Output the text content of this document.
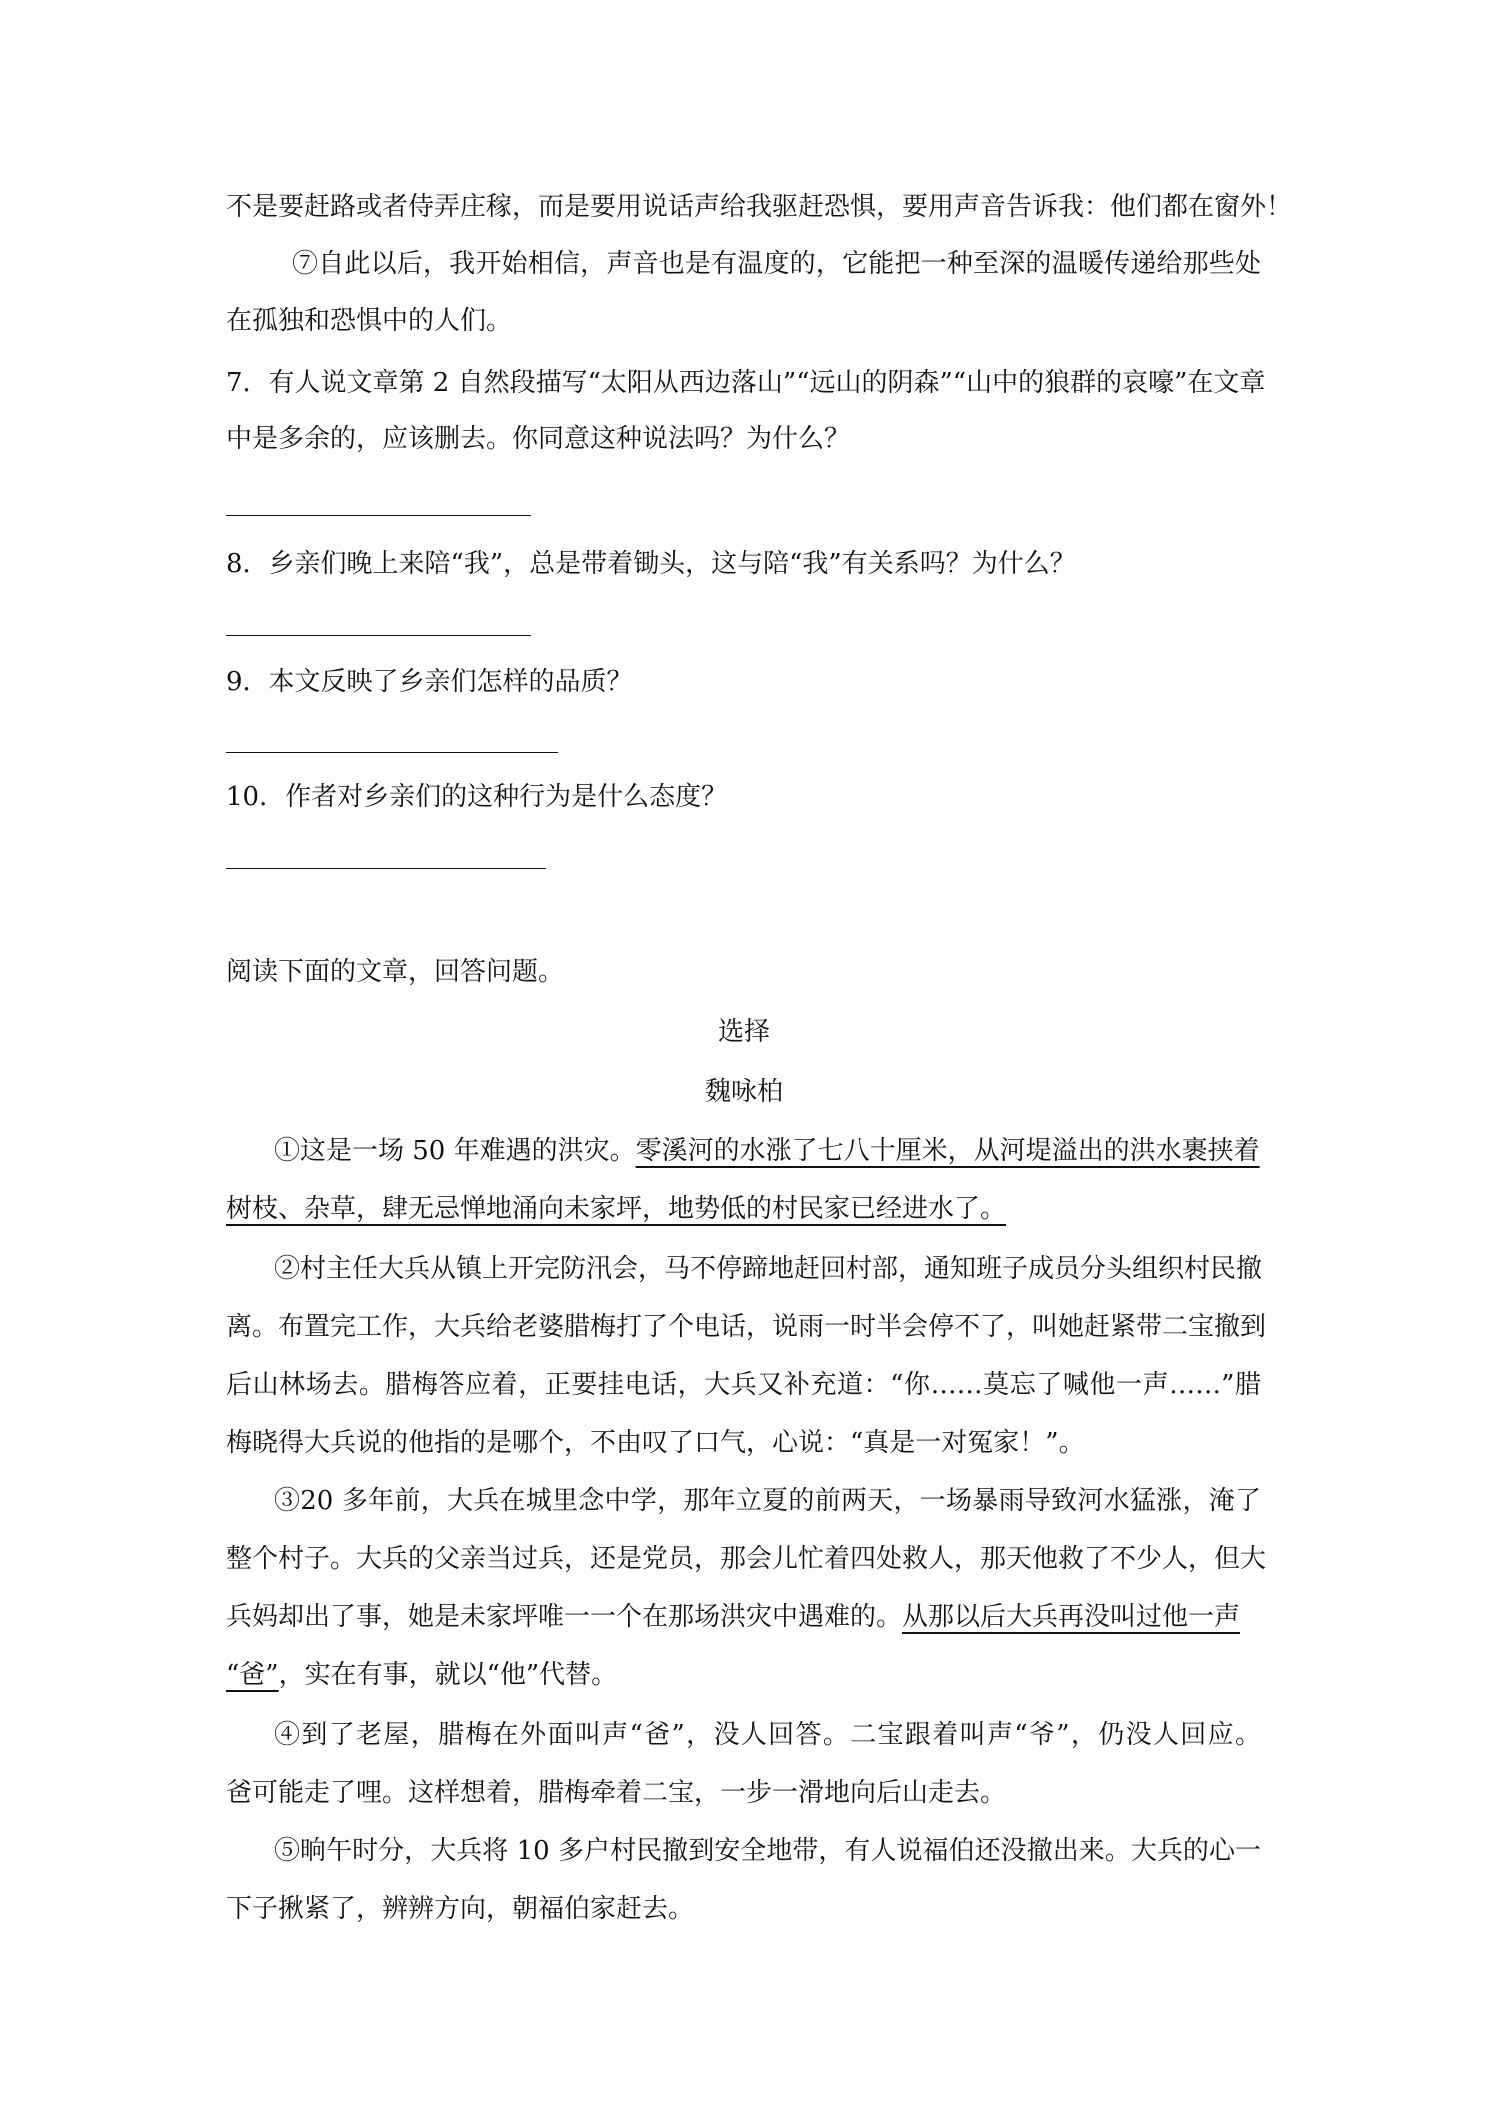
不是要赶路或者侍弄庄稼，而是要用说话声给我驱赶恐惧，要用声音告诉我：他们都在窗外！
⑦自此以后，我开始相信，声音也是有温度的，它能把一种至深的温暖传递给那些处
在孤独和恐惧中的人们。
7．有人说文章第 2 自然段描写“太阳从西边落山”“远山的阴森”“山中的狼群的哀嚎”在文章
中是多余的，应该删去。你同意这种说法吗？为什么？
8．乡亲们晚上来陪“我”，总是带着锄头，这与陪“我”有关系吗？为什么？
9．本文反映了乡亲们怎样的品质？
10．作者对乡亲们的这种行为是什么态度？
阅读下面的文章，回答问题。
选择
魏咏柏
①这是一场 50 年难遇的洪灾。零溪河的水涨了七八十厘米，从河堤溢出的洪水裹挟着
树枝、杂草，肆无忌惮地涌向未家坪，地势低的村民家已经进水了。
②村主任大兵从镇上开完防汛会，马不停蹄地赶回村部，通知班子成员分头组织村民撤
离。布置完工作，大兵给老婆腊梅打了个电话，说雨一时半会停不了，叫她赶紧带二宝撤到
后山林场去。腊梅答应着，正要挂电话，大兵又补充道：“你……莫忘了喊他一声……”腊
梅晓得大兵说的他指的是哪个，不由叹了口气，心说：“真是一对冤家！”。
③20 多年前，大兵在城里念中学，那年立夏的前两天，一场暴雨导致河水猛涨，淹了
整个村子。大兵的父亲当过兵，还是党员，那会儿忙着四处救人，那天他救了不少人，但大
兵妈却出了事，她是未家坪唯一一个在那场洪灾中遇难的。从那以后大兵再没叫过他一声
“爸”，实在有事，就以“他”代替。
④到了老屋，腊梅在外面叫声“爸”，没人回答。二宝跟着叫声“爷”，仍没人回应。
爸可能走了哩。这样想着，腊梅牵着二宝，一步一滑地向后山走去。
⑤晌午时分，大兵将 10 多户村民撤到安全地带，有人说福伯还没撤出来。大兵的心一
下子揪紧了，辨辨方向，朝福伯家赶去。
